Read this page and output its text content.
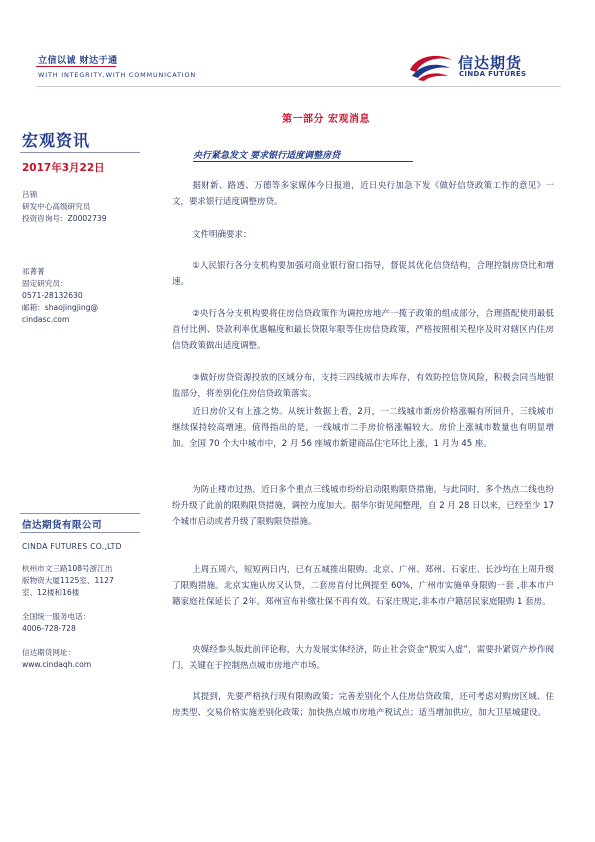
立信以诚 财达于通
WITH INTEGRITY,WITH COMMUNICATION
信达期货
CINDA FUTURES
宏观资讯
2017年3月22日
吕锦
研发中心高级研究员
投资咨询号：Z0002739
祁菁菁
固定研究员：
0571-28132630
邮箱：shaojingjing@
cindasc.com
信达期货有限公司
CINDA FUTURES CO.,LTD
杭州市文三路108号浙江出
版物资大厦1125室、1127
室、12楼和16楼
全国统一服务电话：
4006-728-728
信达期货网址：
www.cindaqh.com
第一部分 宏观消息
央行紧急发文 要求银行适度调整房贷
据财新、路透、万德等多家媒体今日报道，近日央行加急下发《做好信贷政策工作的意见》一文，要求银行适度调整房贷。
文件明确要求：
①人民银行各分支机构要加强对商业银行窗口指导，督促其优化信贷结构，合理控制房贷比和增速。
②央行各分支机构要将住房信贷政策作为调控房地产一揽子政策的组成部分，合理搭配使用最低首付比例、贷款利率优惠幅度和最长贷限年限等住房信贷政策，严格按照相关程序及时对辖区内住房信贷政策做出适度调整。
③做好房贷资源投放的区域分布，支持三四线城市去库存，有效防控信贷风险，积极会同当地银监部分，将差别化住房信贷政策落实。
近日房价又有上涨之势。从统计数据上看，2月，一二线城市新房价格涨幅有所回升，三线城市继续保持较高增速。值得指出的是，一线城市二手房价格涨幅较大。房价上涨城市数量也有明显增加。全国 70 个大中城市中，2 月 56 座城市新建商品住宅环比上涨，1 月为 45 座。
为防止楼市过热，近日多个重点三线城市纷纷启动限购限贷措施，与此同时，多个热点二线也纷纷升级了此前的限购限贷措施，调控力度加大。据华尔街见闻整理，自 2 月 28 日以来，已经至少 17 个城市启动或者升级了限购限贷措施。
上周五周六，短短两日内，已有五城推出限购。北京、广州、郑州、石家庄、长沙均在上周升级了限购措施。北京实施认房又认贷，二套房首付比例提至 60%，广州市实施单身限购一套 ,非本市户籍家庭社保延长了 2年。郑州宣布补缴社保不再有效。石家庄规定,非本市户籍居民家庭限购 1 套房。
央媒经参头版此前评论称，大力发展实体经济，防止社会资金“脱实入虚”，需要扑紧资产炒作阀门，关键在于控制热点城市房地产市场。
其提到，先要严格执行现有限购政策；完善差别化个人住房信贷政策，还可考虑对购房区域、住房类型、交易价格实施差别化政策；加快热点城市房地产税试点；适当增加供应，加大卫星城建设。
